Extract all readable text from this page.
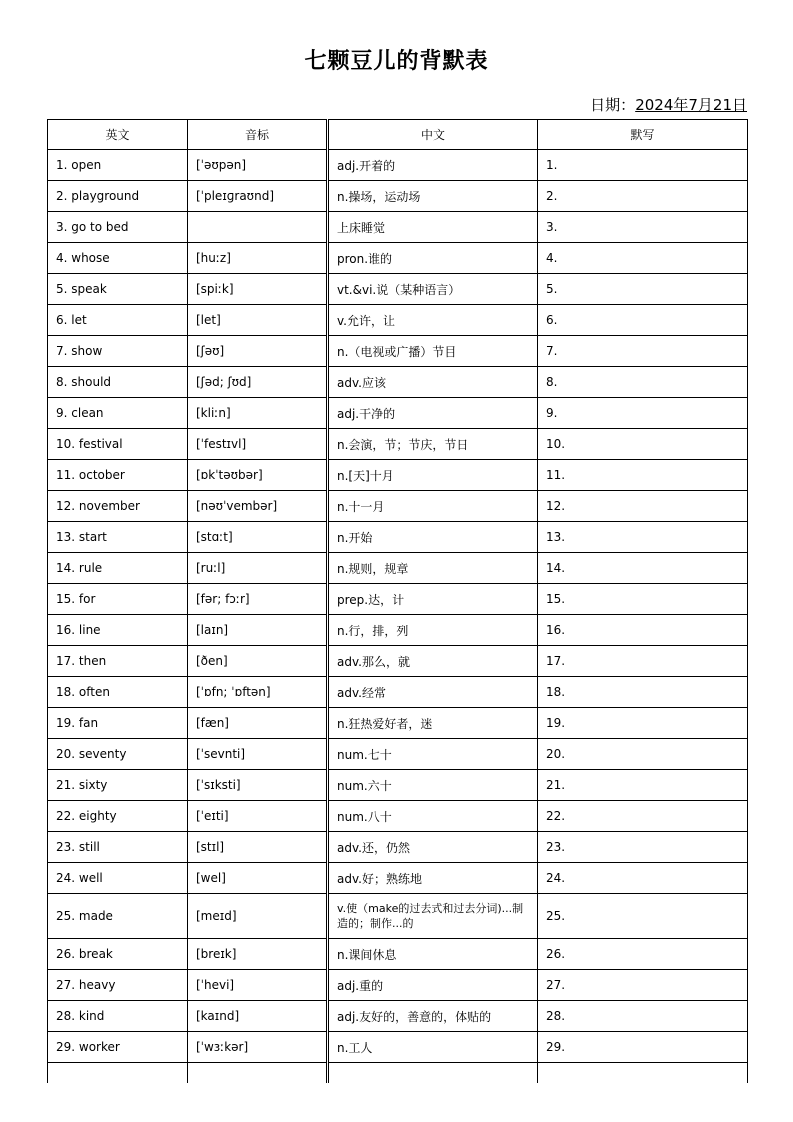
七颗豆儿的背默表
日期：2024年7月21日
英文	音标	中文	默写
1. open	[ˈəʊpən]	adj.开着的	1.
2. playground	[ˈpleɪɡraʊnd]	n.操场，运动场	2.
3. go to bed		上床睡觉	3.
4. whose	[huːz]	pron.谁的	4.
5. speak	[spiːk]	vt.&vi.说（某种语言）	5.
6. let	[let]	v.允许，让	6.
7. show	[ʃəʊ]	n.（电视或广播）节目	7.
8. should	[ʃəd; ʃʊd]	adv.应该	8.
9. clean	[kliːn]	adj.干净的	9.
10. festival	[ˈfestɪvl]	n.会演，节；节庆，节日	10.
11. october	[ɒkˈtəʊbər]	n.[天]十月	11.
12. november	[nəʊˈvembər]	n.十一月	12.
13. start	[stɑːt]	n.开始	13.
14. rule	[ruːl]	n.规则，规章	14.
15. for	[fər; fɔːr]	prep.达，计	15.
16. line	[laɪn]	n.行，排，列	16.
17. then	[ðen]	adv.那么，就	17.
18. often	[ˈɒfn; ˈɒftən]	adv.经常	18.
19. fan	[fæn]	n.狂热爱好者，迷	19.
20. seventy	[ˈsevnti]	num.七十	20.
21. sixty	[ˈsɪksti]	num.六十	21.
22. eighty	[ˈeɪti]	num.八十	22.
23. still	[stɪl]	adv.还，仍然	23.
24. well	[wel]	adv.好；熟练地	24.
25. made	[meɪd]	v.使（make的过去式和过去分词)...制造的；制作...的	25.
26. break	[breɪk]	n.课间休息	26.
27. heavy	[ˈhevi]	adj.重的	27.
28. kind	[kaɪnd]	adj.友好的，善意的，体贴的	28.
29. worker	[ˈwɜːkər]	n.工人	29.
